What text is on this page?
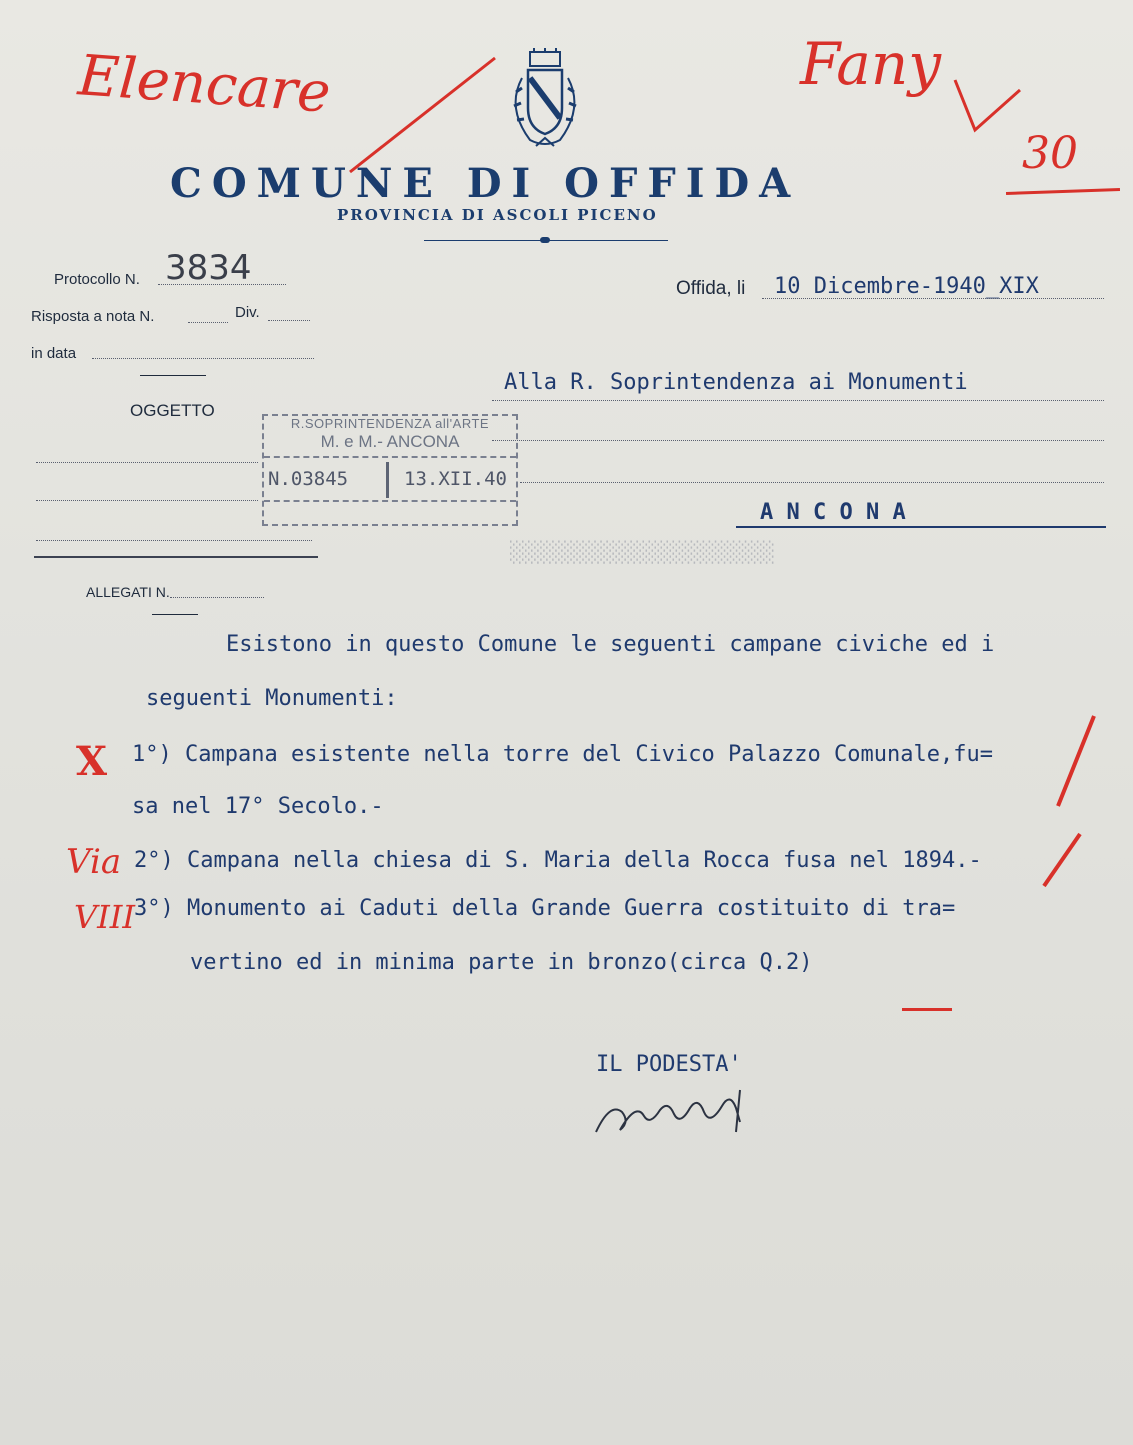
Elencare	Fany
30
COMUNE DI OFFIDA
PROVINCIA DI ASCOLI PICENO
Protocollo N. 3834
Risposta a nota N.	Div.
in data
OGGETTO
ALLEGATI N.
R.SOPRINTENDENZA all'ARTE
M. e M.- ANCONA
N.03845	13.XII.40
Offida, li 10 Dicembre-1940_XIX
Alla R. Soprintendenza ai Monumenti
A N C O N A
░░░░░░░░░░░░░░░░░░░░░░
Esistono in questo Comune le seguenti campane civiche ed i
seguenti Monumenti:
1°) Campana esistente nella torre del Civico Palazzo Comunale,fu=
sa nel 17° Secolo.-
2°) Campana nella chiesa di S. Maria della Rocca fusa nel 1894.-
3°) Monumento ai Caduti della Grande Guerra costituito di tra=
vertino ed in minima parte in bronzo(circa Q.2)
X
Via
VIII
IL PODESTA'
